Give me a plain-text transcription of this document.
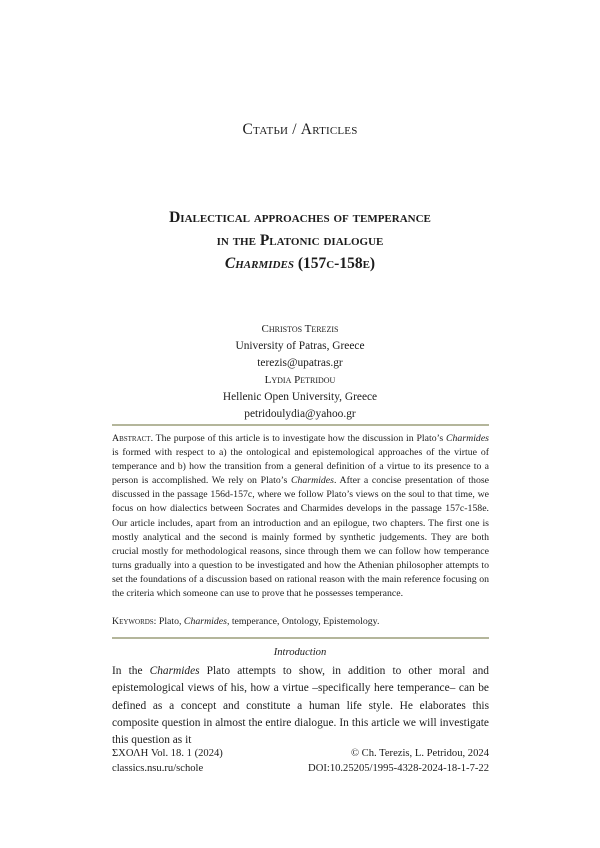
Статьи / Articles
Dialectical approaches of temperance
in the Platonic dialogue
Charmides (157c-158e)
Christos Terezis
University of Patras, Greece
terezis@upatras.gr
Lydia Petridou
Hellenic Open University, Greece
petridoulydia@yahoo.gr
Abstract. The purpose of this article is to investigate how the discussion in Plato’s Charmides is formed with respect to a) the ontological and epistemological approaches of the virtue of temperance and b) how the transition from a general definition of a virtue to its presence to a person is accomplished. We rely on Plato’s Charmides. After a concise presentation of those discussed in the passage 156d-157c, where we follow Plato’s views on the soul to that time, we focus on how dialectics between Socrates and Charmides develops in the passage 157c-158e. Our article includes, apart from an introduction and an epilogue, two chapters. The first one is mostly analytical and the second is mainly formed by synthetic judgements. They are both crucial mostly for methodological reasons, since through them we can follow how temperance turns gradually into a question to be investigated and how the Athenian philosopher attempts to set the foundations of a discussion based on rational reason with the main reference focusing on the criteria which someone can use to prove that he possesses temperance.
Keywords: Plato, Charmides, temperance, Ontology, Epistemology.
Introduction
In the Charmides Plato attempts to show, in addition to other moral and epistemological views of his, how a virtue –specifically here temperance– can be defined as a concept and constitute a human life style. He elaborates this composite question in almost the entire dialogue. In this article we will investigate this question as it
ΣΧΟΛΗ Vol. 18. 1 (2024)
classics.nsu.ru/schole
© Ch. Terezis, L. Petridou, 2024
DOI:10.25205/1995-4328-2024-18-1-7-22
